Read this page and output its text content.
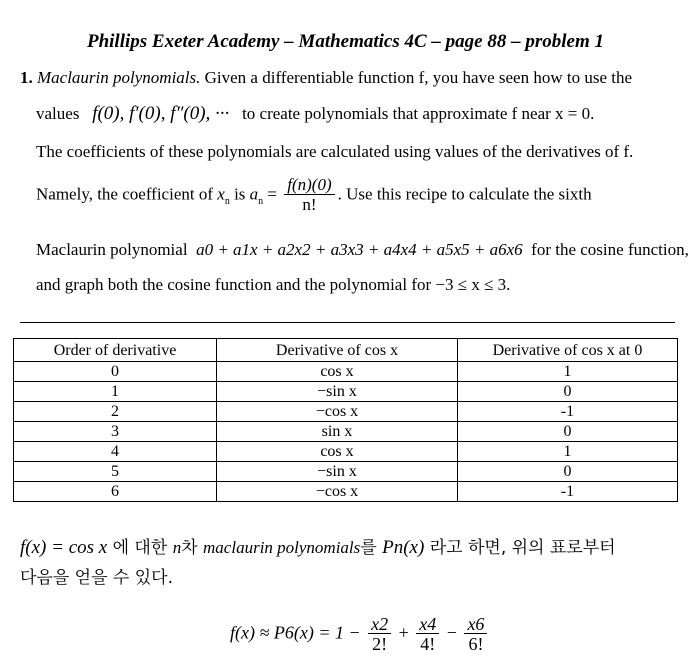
Phillips Exeter Academy – Mathematics 4C – page 88 – problem 1
1. Maclaurin polynomials. Given a differentiable function f, you have seen how to use the
values f(0), f′(0), f″(0), ··· to create polynomials that approximate f near x = 0.
The coefficients of these polynomials are calculated using values of the derivatives of f.
Namely, the coefficient of $x_n$ is $a_n = \frac{f(n)(0)}{n!}$ . Use this recipe to calculate the sixth
Maclaurin polynomial a0 + a1x + a2x2 + a3x3 + a4x4 + a5x5 + a6x6 for the cosine function,
and graph both the cosine function and the polynomial for −3 ≤ x ≤ 3.
Order of derivative	Derivative of cos x	Derivative of cos x at 0
0	cos x	1
1	−sin x	0
2	−cos x	-1
3	sin x	0
4	cos x	1
5	−sin x	0
6	−cos x	-1
f(x) = cos x 에 대한 n차 maclaurin polynomials를 Pn(x) 라고 하면, 위의 표로부터
다음을 얻을 수 있다.
$f(x) \approx P6(x) = 1 - \frac{x2}{2!} + \frac{x4}{4!} - \frac{x6}{6!}$
